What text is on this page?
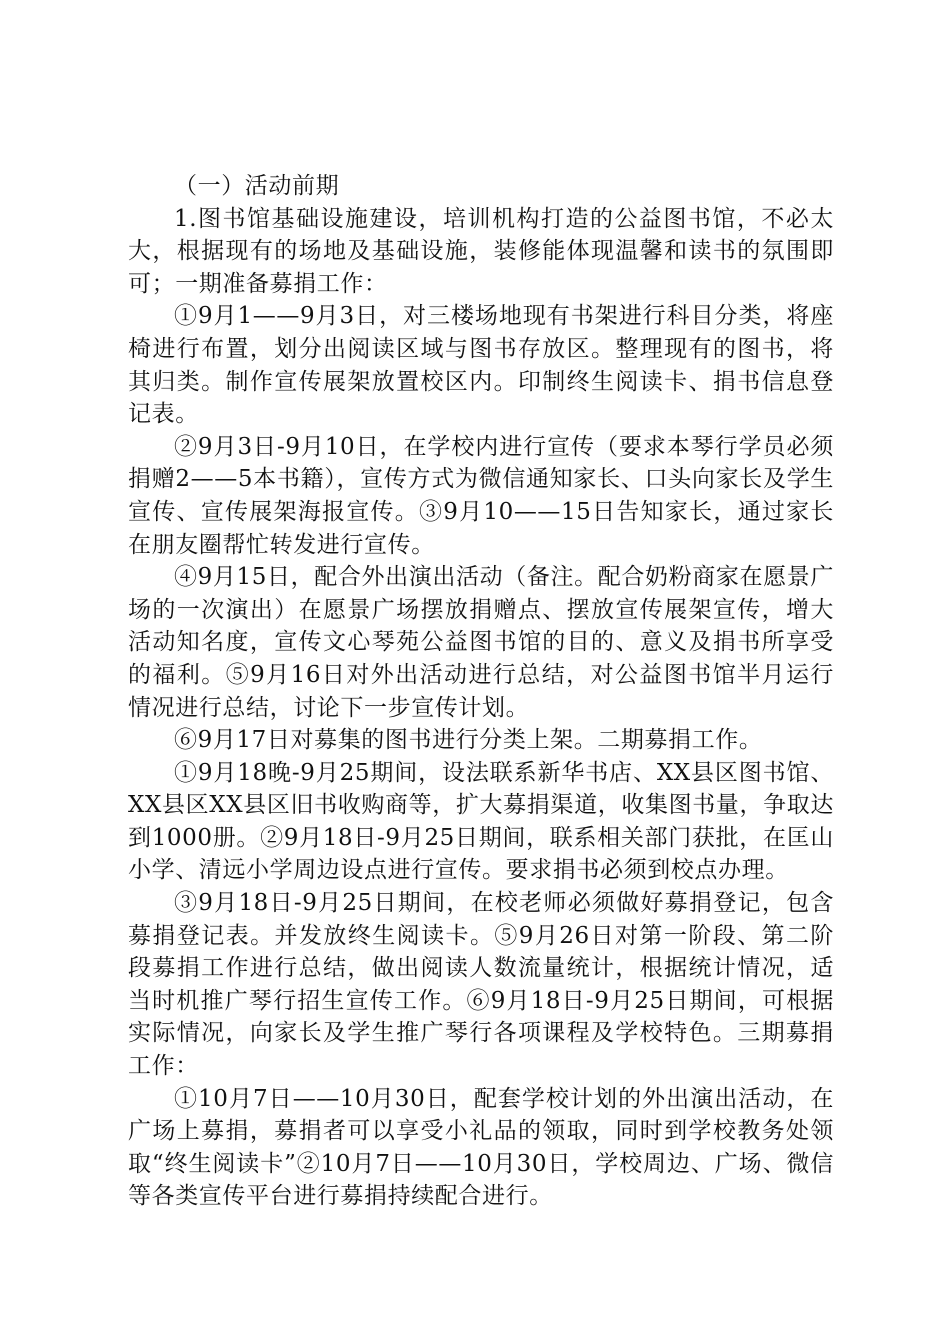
（一）活动前期

1.图书馆基础设施建设，培训机构打造的公益图书馆，不必太大，根据现有的场地及基础设施，装修能体现温馨和读书的氛围即可；一期准备募捐工作：

①9月1——9月3日，对三楼场地现有书架进行科目分类，将座椅进行布置，划分出阅读区域与图书存放区。整理现有的图书，将其归类。制作宣传展架放置校区内。印制终生阅读卡、捐书信息登记表。

②9月3日-9月10日，在学校内进行宣传（要求本琴行学员必须捐赠2——5本书籍），宣传方式为微信通知家长、口头向家长及学生宣传、宣传展架海报宣传。③9月10——15日告知家长，通过家长在朋友圈帮忙转发进行宣传。

④9月15日，配合外出演出活动（备注。配合奶粉商家在愿景广场的一次演出）在愿景广场摆放捐赠点、摆放宣传展架宣传，增大活动知名度，宣传文心琴苑公益图书馆的目的、意义及捐书所享受的福利。⑤9月16日对外出活动进行总结，对公益图书馆半月运行情况进行总结，讨论下一步宣传计划。

⑥9月17日对募集的图书进行分类上架。二期募捐工作。

①9月18晚-9月25期间，设法联系新华书店、XX县区图书馆、XX县区XX县区旧书收购商等，扩大募捐渠道，收集图书量，争取达到1000册。②9月18日-9月25日期间，联系相关部门获批，在匡山小学、清远小学周边设点进行宣传。要求捐书必须到校点办理。

③9月18日-9月25日期间，在校老师必须做好募捐登记，包含募捐登记表。并发放终生阅读卡。⑤9月26日对第一阶段、第二阶段募捐工作进行总结，做出阅读人数流量统计，根据统计情况，适当时机推广琴行招生宣传工作。⑥9月18日-9月25日期间，可根据实际情况，向家长及学生推广琴行各项课程及学校特色。三期募捐工作：

①10月7日——10月30日，配套学校计划的外出演出活动，在广场上募捐，募捐者可以享受小礼品的领取，同时到学校教务处领取“终生阅读卡”②10月7日——10月30日，学校周边、广场、微信等各类宣传平台进行募捐持续配合进行。
